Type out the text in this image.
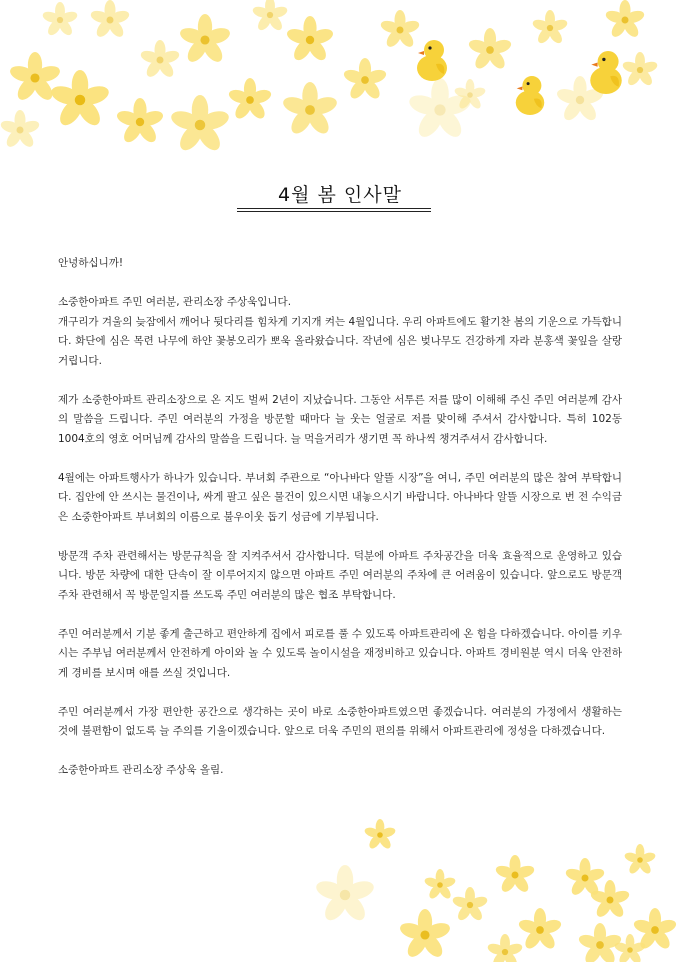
4월 봄 인사말

안녕하십니까!

소중한아파트 주민 여러분, 관리소장 주상욱입니다.
개구리가 겨울의 늦잠에서 깨어나 뒷다리를 힘차게 기지개 켜는 4월입니다. 우리 아파트에도 활기찬 봄의 기운으로 가득합니다. 화단에 심은 목련 나무에 하얀 꽃봉오리가 뽀욱 올라왔습니다. 작년에 심은 벚나무도 건강하게 자라 분홍색 꽃잎을 살랑거립니다.

제가 소중한아파트 관리소장으로 온 지도 벌써 2년이 지났습니다. 그동안 서투른 저를 많이 이해해 주신 주민 여러분께 감사의 말씀을 드립니다. 주민 여러분의 가정을 방문할 때마다 늘 웃는 얼굴로 저를 맞이해 주셔서 감사합니다. 특히 102동 1004호의 영호 어머님께 감사의 말씀을 드립니다. 늘 먹을거리가 생기면 꼭 하나씩 챙겨주셔서 감사합니다.

4월에는 아파트행사가 하나가 있습니다. 부녀회 주관으로 “아나바다 알뜰 시장”을 여니, 주민 여러분의 많은 참여 부탁합니다. 집안에 안 쓰시는 물건이나, 싸게 팔고 싶은 물건이 있으시면 내놓으시기 바랍니다. 아나바다 알뜰 시장으로 번 전 수익금은 소중한아파트 부녀회의 이름으로 불우이웃 돕기 성금에 기부됩니다.

방문객 주차 관련해서는 방문규칙을 잘 지켜주셔서 감사합니다. 덕분에 아파트 주차공간을 더욱 효율적으로 운영하고 있습니다. 방문 차량에 대한 단속이 잘 이루어지지 않으면 아파트 주민 여러분의 주차에 큰 어려움이 있습니다. 앞으로도 방문객 주차 관련해서 꼭 방문일지를 쓰도록 주민 여러분의 많은 협조 부탁합니다.

주민 여러분께서 기분 좋게 출근하고 편안하게 집에서 피로를 풀 수 있도록 아파트관리에 온 힘을 다하겠습니다. 아이를 키우시는 주부님 여러분께서 안전하게 아이와 놀 수 있도록 놀이시설을 재정비하고 있습니다. 아파트 경비원분 역시 더욱 안전하게 경비를 보시며 애를 쓰실 것입니다.

주민 여러분께서 가장 편안한 공간으로 생각하는 곳이 바로 소중한아파트였으면 좋겠습니다. 여러분의 가정에서 생활하는 것에 불편함이 없도록 늘 주의를 기울이겠습니다. 앞으로 더욱 주민의 편의를 위해서 아파트관리에 정성을 다하겠습니다.

소중한아파트 관리소장 주상욱 올림.
